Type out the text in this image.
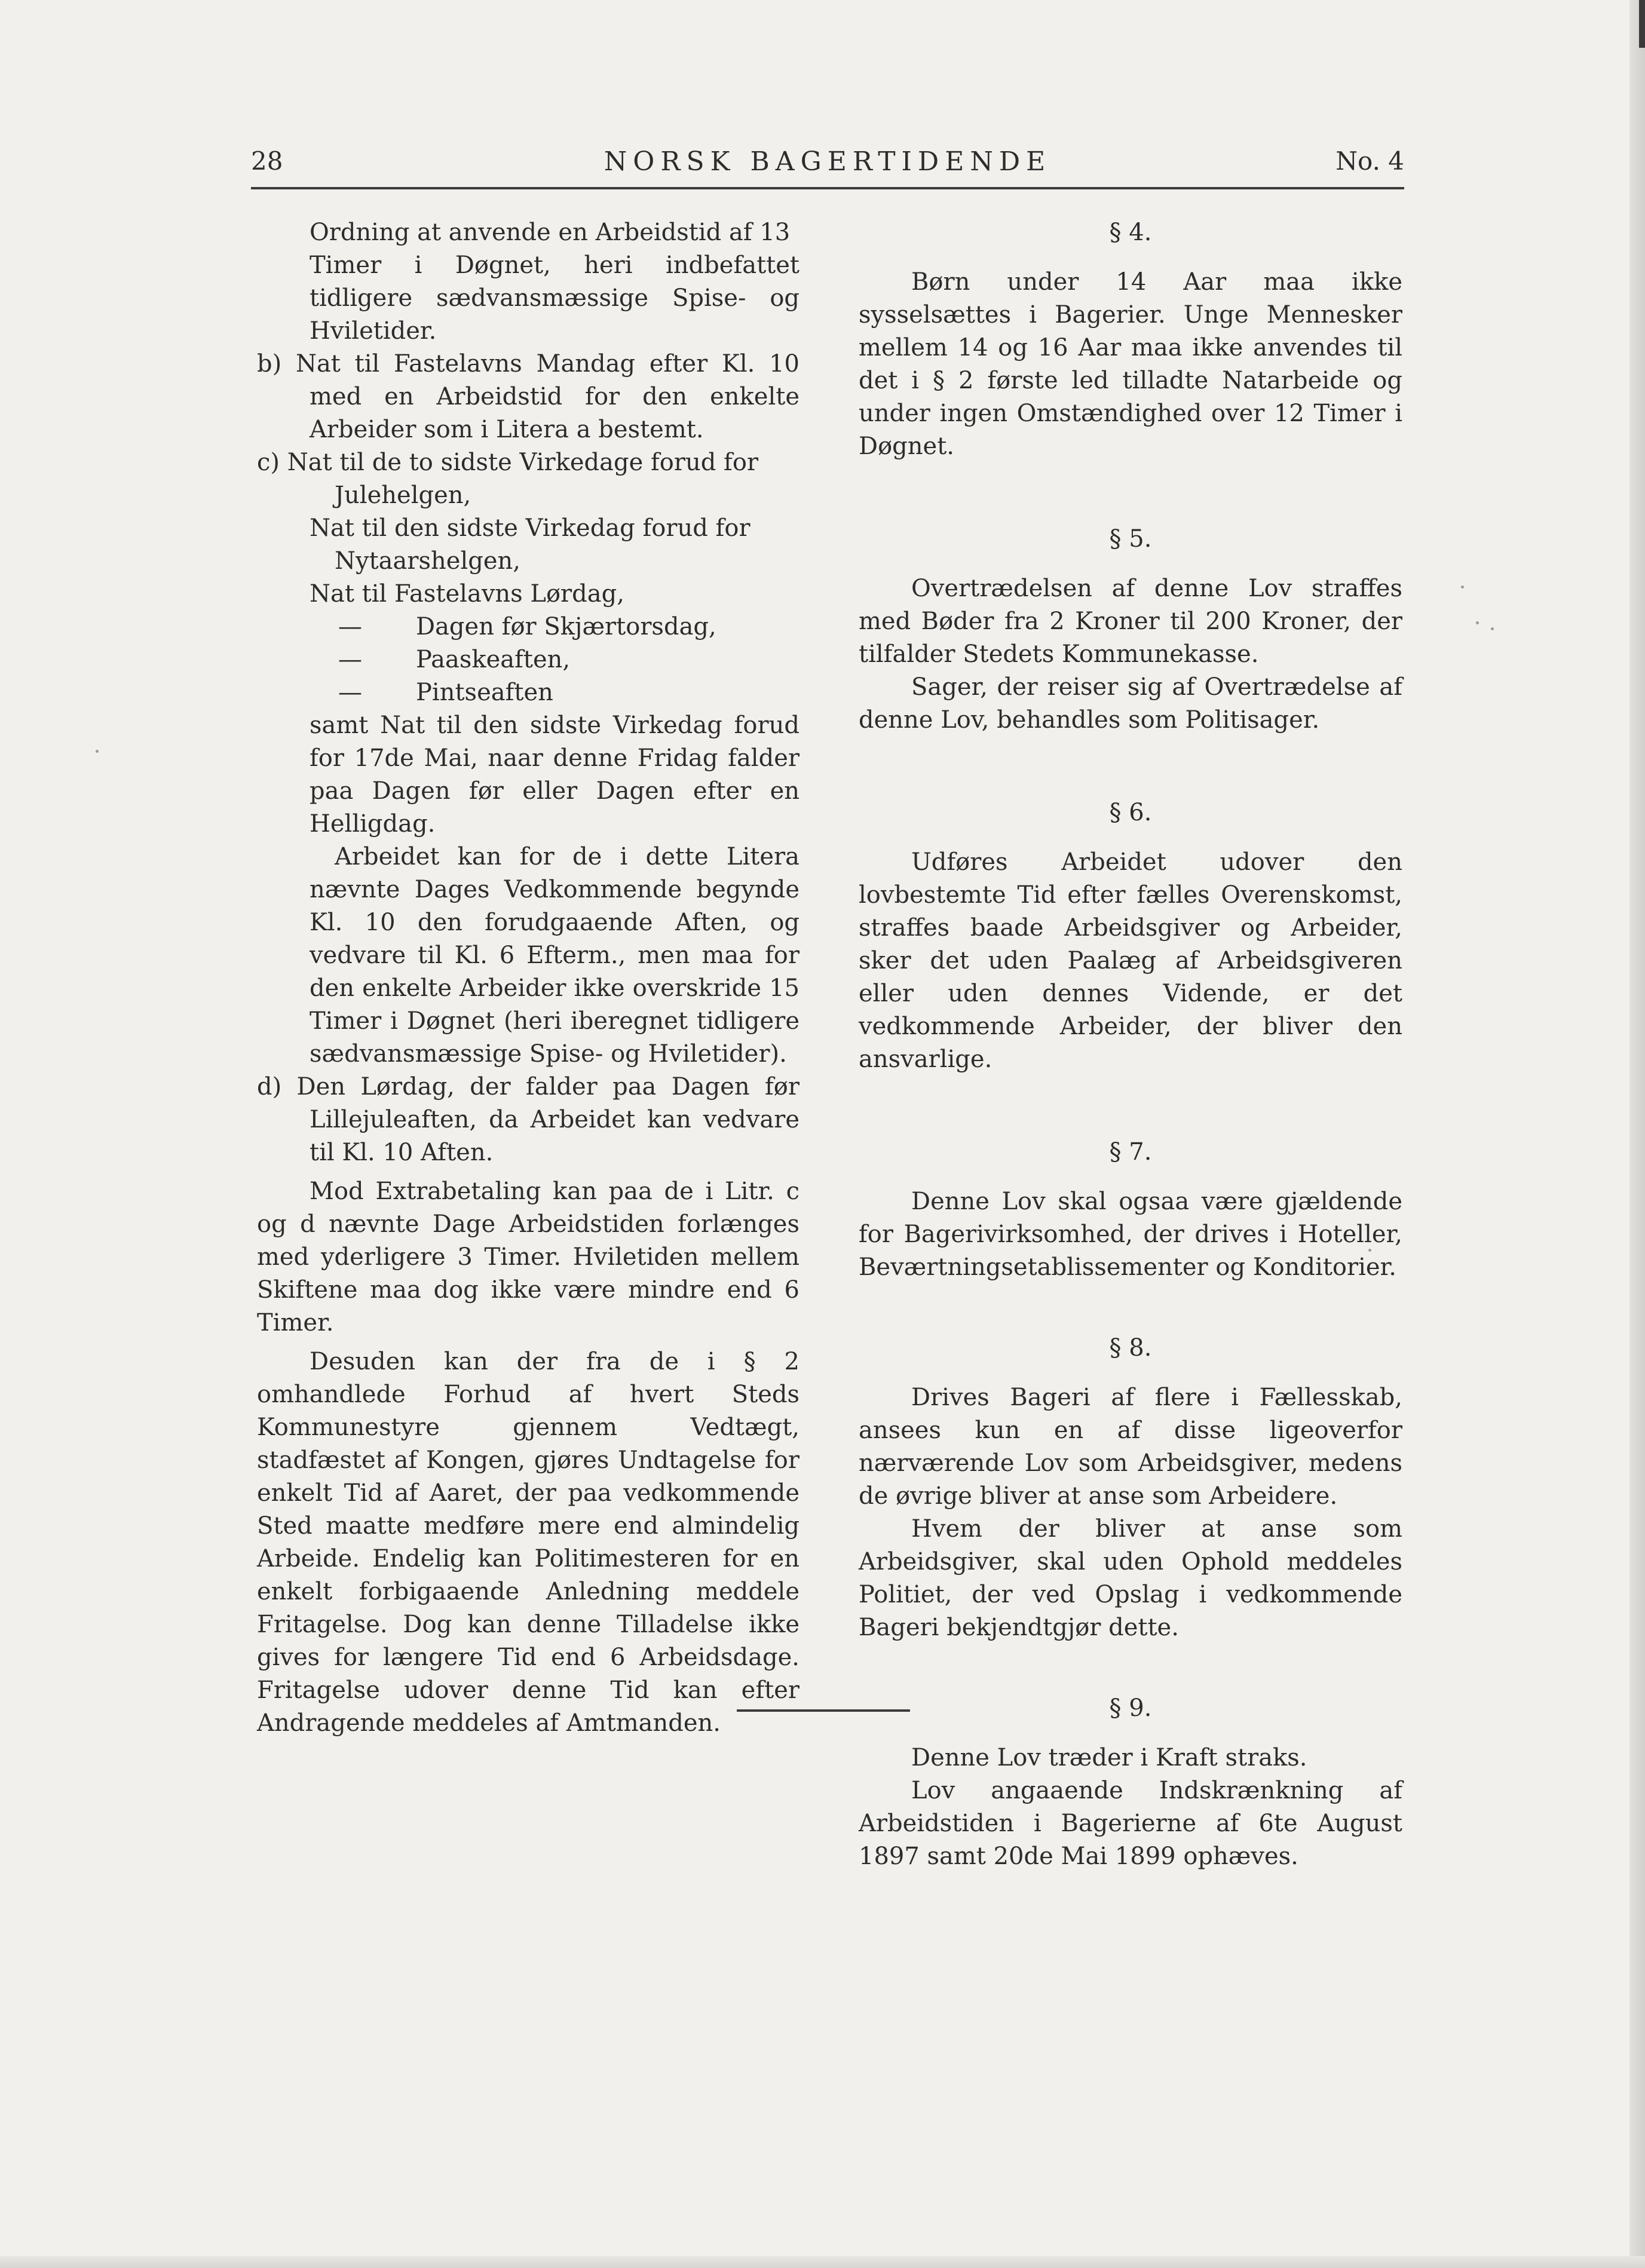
28	NORSK BAGERTIDENDE	No. 4

Ordning at anvende en Arbeidstid af 13

Timer i Døgnet, heri indbefattet tidligere sædvansmæssige Spise- og Hviletider.

b) Nat til Fastelavns Mandag efter Kl. 10 med en Arbeidstid for den enkelte Arbeider som i Litera a bestemt.

c) Nat til de to sidste Virkedage forud for

Julehelgen,

Nat til den sidste Virkedag forud for

Nytaarshelgen,

Nat til Fastelavns Lørdag,

—	Dagen før Skjærtorsdag,
—	Paaskeaften,
—	Pintseaften

samt Nat til den sidste Virkedag forud for 17de Mai, naar denne Fridag falder paa Dagen før eller Dagen efter en Helligdag.

Arbeidet kan for de i dette Litera nævnte Dages Vedkommende begynde Kl. 10 den forudgaaende Aften, og vedvare til Kl. 6 Efterm., men maa for den enkelte Arbeider ikke overskride 15 Timer i Døgnet (heri iberegnet tidligere sædvansmæssige Spise- og Hviletider).

d) Den Lørdag, der falder paa Dagen før Lillejuleaften, da Arbeidet kan vedvare til Kl. 10 Aften.

Mod Extrabetaling kan paa de i Litr. c og d nævnte Dage Arbeidstiden forlænges med yderligere 3 Timer. Hviletiden mellem Skiftene maa dog ikke være mindre end 6 Timer.

Desuden kan der fra de i § 2 omhandlede Forhud af hvert Steds Kommunestyre gjennem Vedtægt, stadfæstet af Kongen, gjøres Undtagelse for enkelt Tid af Aaret, der paa vedkommende Sted maatte medføre mere end almindelig Arbeide. Endelig kan Politimesteren for en enkelt forbigaaende Anledning meddele Fritagelse. Dog kan denne Tilladelse ikke gives for længere Tid end 6 Arbeidsdage. Fritagelse udover denne Tid kan efter Andragende meddeles af Amtmanden.

§ 4.

Børn under 14 Aar maa ikke sysselsættes i Bagerier. Unge Mennesker mellem 14 og 16 Aar maa ikke anvendes til det i § 2 første led tilladte Natarbeide og under ingen Omstændighed over 12 Timer i Døgnet.

§ 5.

Overtrædelsen af denne Lov straffes med Bøder fra 2 Kroner til 200 Kroner, der tilfalder Stedets Kommunekasse.

Sager, der reiser sig af Overtrædelse af denne Lov, behandles som Politisager.

§ 6.

Udføres Arbeidet udover den lovbestemte Tid efter fælles Overenskomst, straffes baade Arbeidsgiver og Arbeider, sker det uden Paalæg af Arbeidsgiveren eller uden dennes Vidende, er det vedkommende Arbeider, der bliver den ansvarlige.

§ 7.

Denne Lov skal ogsaa være gjældende for Bagerivirksomhed, der drives i Hoteller, Beværtningsetablissementer og Konditorier.

§ 8.

Drives Bageri af flere i Fællesskab, ansees kun en af disse ligeoverfor nærværende Lov som Arbeidsgiver, medens de øvrige bliver at anse som Arbeidere.

Hvem der bliver at anse som Arbeidsgiver, skal uden Ophold meddeles Politiet, der ved Opslag i vedkommende Bageri bekjendtgjør dette.

§ 9.

Denne Lov træder i Kraft straks.

Lov angaaende Indskrænkning af Arbeidstiden i Bagerierne af 6te August 1897 samt 20de Mai 1899 ophæves.
